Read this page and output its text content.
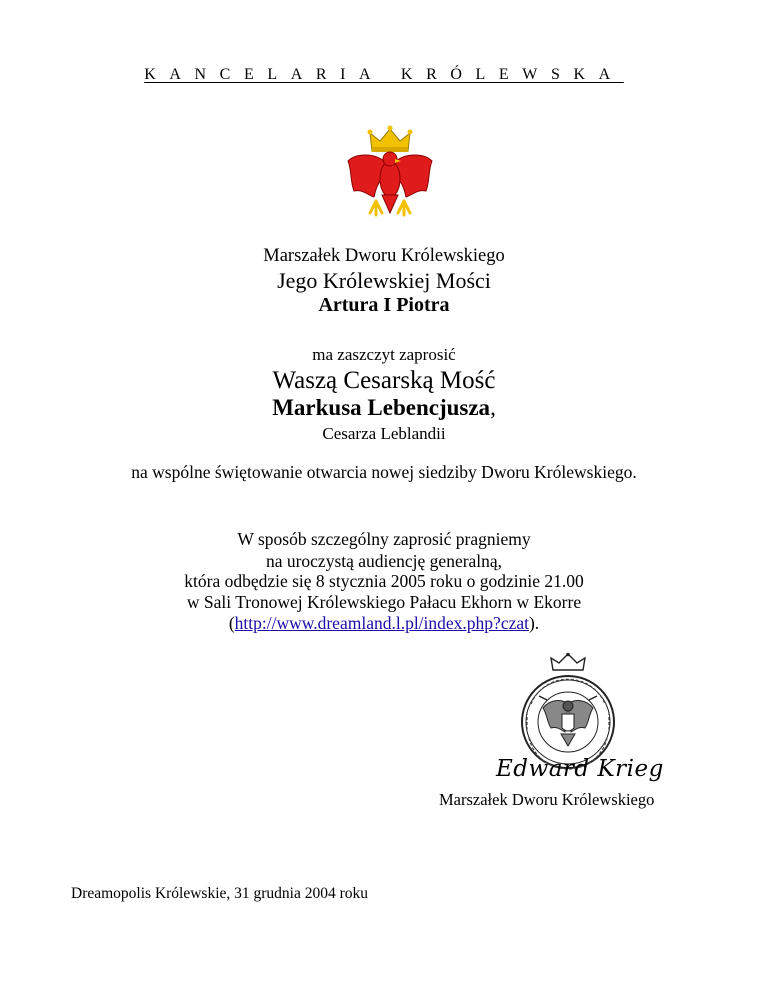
KANCELARIA KRÓLEWSKA
Marszałek Dworu Królewskiego
Jego Królewskiej Mości
Artura I Piotra
ma zaszczyt zaprosić
Waszą Cesarską Mość
Markusa Lebencjusza,
Cesarza Leblandii
na wspólne świętowanie otwarcia nowej siedziby Dworu Królewskiego.
W sposób szczególny zaprosić pragniemy
na uroczystą audiencję generalną,
która odbędzie się 8 stycznia 2005 roku o godzinie 21.00
w Sali Tronowej Królewskiego Pałacu Ekhorn w Ekorre
(http://www.dreamland.l.pl/index.php?czat).
Edward Krieg
Marszałek Dworu Królewskiego
Dreamopolis Królewskie, 31 grudnia 2004 roku
